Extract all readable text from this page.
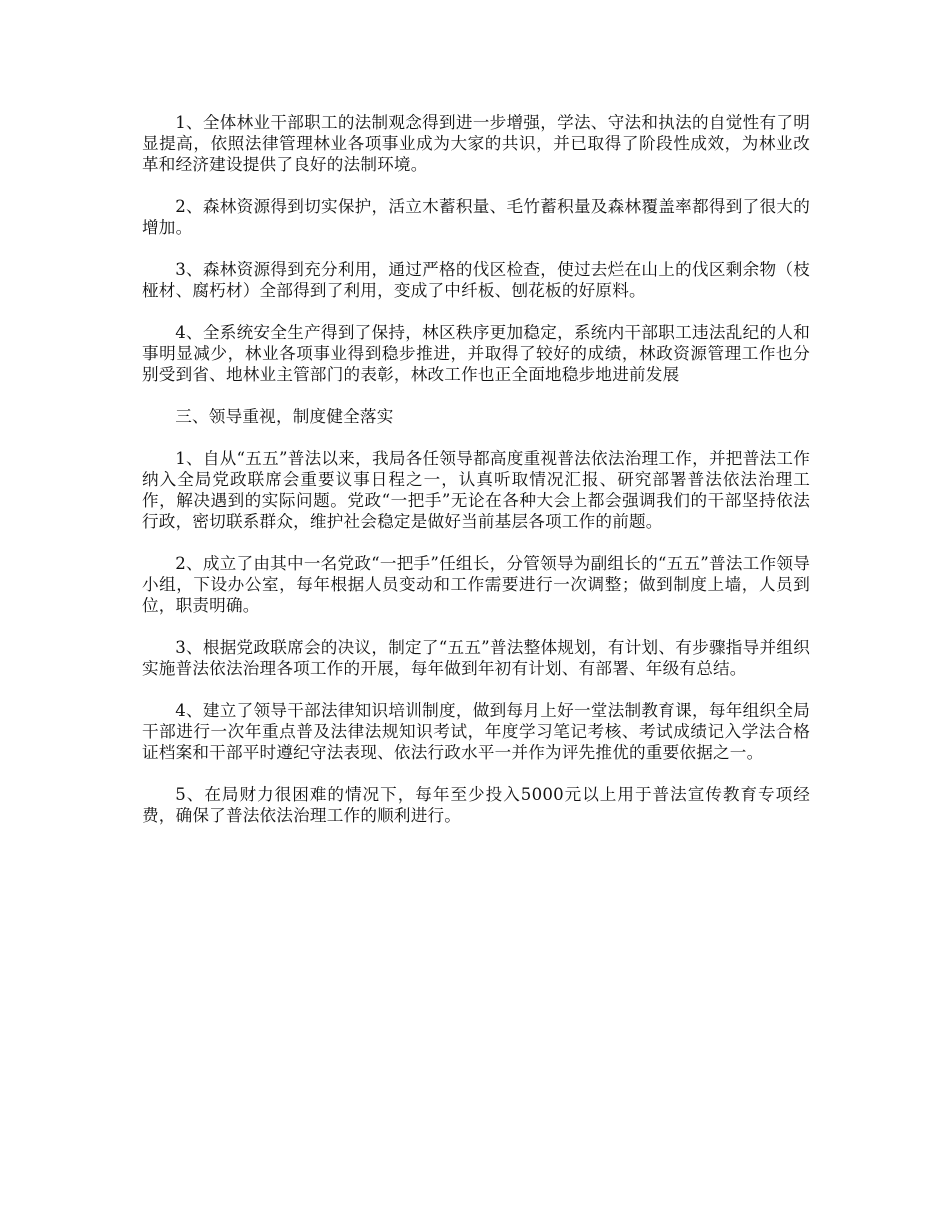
1、全体林业干部职工的法制观念得到进一步增强，学法、守法和执法的自觉性有了明显提高，依照法律管理林业各项事业成为大家的共识，并已取得了阶段性成效，为林业改革和经济建设提供了良好的法制环境。

2、森林资源得到切实保护，活立木蓄积量、毛竹蓄积量及森林覆盖率都得到了很大的增加。

3、森林资源得到充分利用，通过严格的伐区检查，使过去烂在山上的伐区剩余物（枝桠材、腐朽材）全部得到了利用，变成了中纤板、刨花板的好原料。

4、全系统安全生产得到了保持，林区秩序更加稳定，系统内干部职工违法乱纪的人和事明显减少，林业各项事业得到稳步推进，并取得了较好的成绩，林政资源管理工作也分别受到省、地林业主管部门的表彰，林改工作也正全面地稳步地进前发展

三、领导重视，制度健全落实

1、自从“五五”普法以来，我局各任领导都高度重视普法依法治理工作，并把普法工作纳入全局党政联席会重要议事日程之一，认真听取情况汇报、研究部署普法依法治理工作，解决遇到的实际问题。党政“一把手”无论在各种大会上都会强调我们的干部坚持依法行政，密切联系群众，维护社会稳定是做好当前基层各项工作的前题。

2、成立了由其中一名党政“一把手”任组长，分管领导为副组长的“五五”普法工作领导小组，下设办公室，每年根据人员变动和工作需要进行一次调整；做到制度上墙，人员到位，职责明确。

3、根据党政联席会的决议，制定了“五五”普法整体规划，有计划、有步骤指导并组织实施普法依法治理各项工作的开展，每年做到年初有计划、有部署、年级有总结。

4、建立了领导干部法律知识培训制度，做到每月上好一堂法制教育课，每年组织全局干部进行一次年重点普及法律法规知识考试，年度学习笔记考核、考试成绩记入学法合格证档案和干部平时遵纪守法表现、依法行政水平一并作为评先推优的重要依据之一。

5、在局财力很困难的情况下，每年至少投入5000元以上用于普法宣传教育专项经费，确保了普法依法治理工作的顺利进行。
